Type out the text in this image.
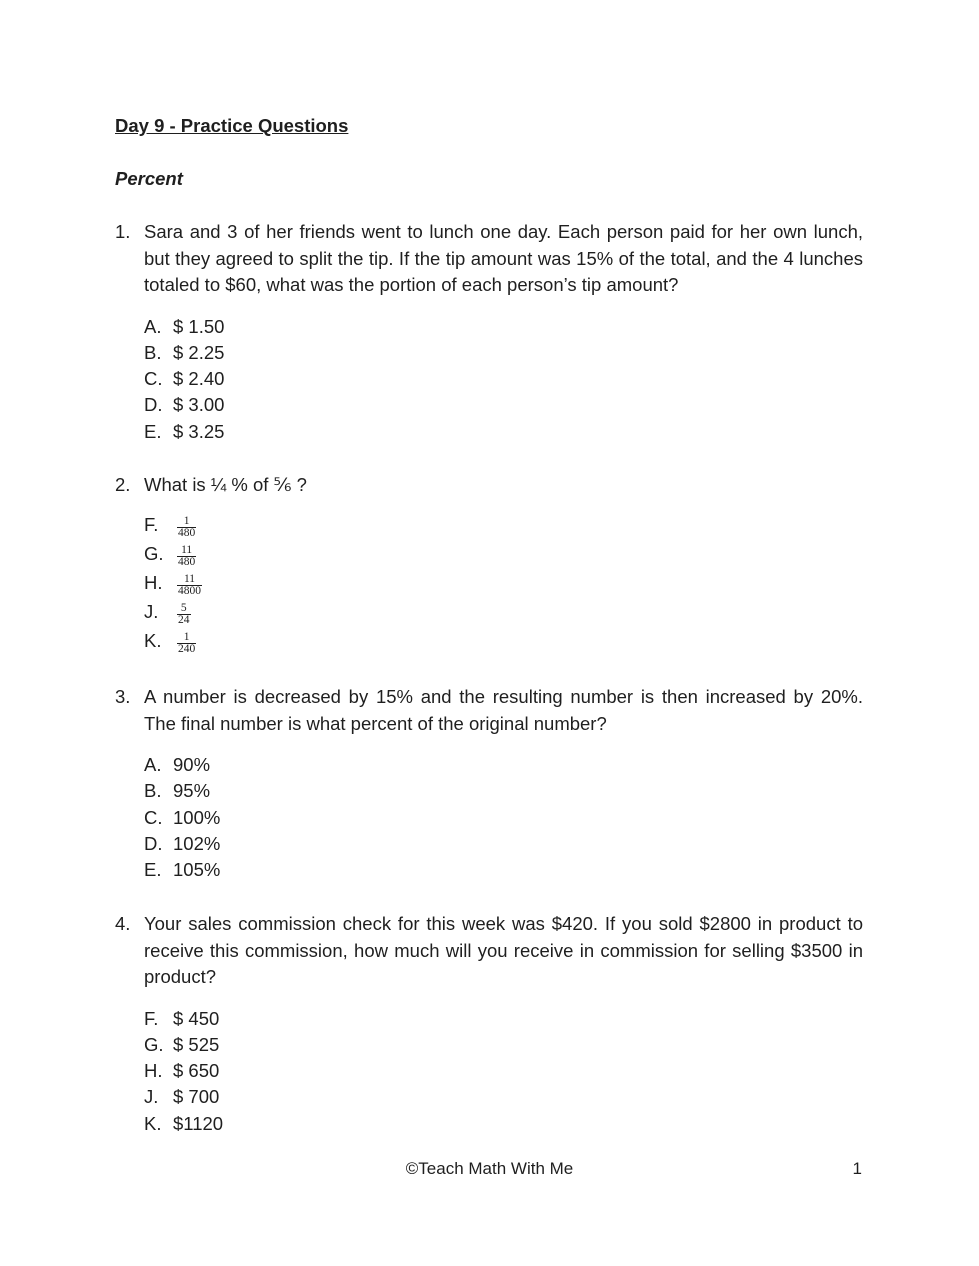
Day 9 - Practice Questions
Percent
1. Sara and 3 of her friends went to lunch one day. Each person paid for her own lunch, but they agreed to split the tip. If the tip amount was 15% of the total, and the 4 lunches totaled to $60, what was the portion of each person’s tip amount?
A. $ 1.50
B. $ 2.25
C. $ 2.40
D. $ 3.00
E. $ 3.25
2. What is ¼ % of ⅚ ?
F.	$\frac{1}{480}$
G.	$\frac{11}{480}$
H.	$\frac{11}{4800}$
J.	$\frac{5}{24}$
K.	$\frac{1}{240}$
3. A number is decreased by 15% and the resulting number is then increased by 20%. The final number is what percent of the original number?
A. 90%
B. 95%
C. 100%
D. 102%
E. 105%
4. Your sales commission check for this week was $420. If you sold $2800 in product to receive this commission, how much will you receive in commission for selling $3500 in product?
F. $ 450
G. $ 525
H. $ 650
J. $ 700
K. $1120
©Teach Math With Me	1
